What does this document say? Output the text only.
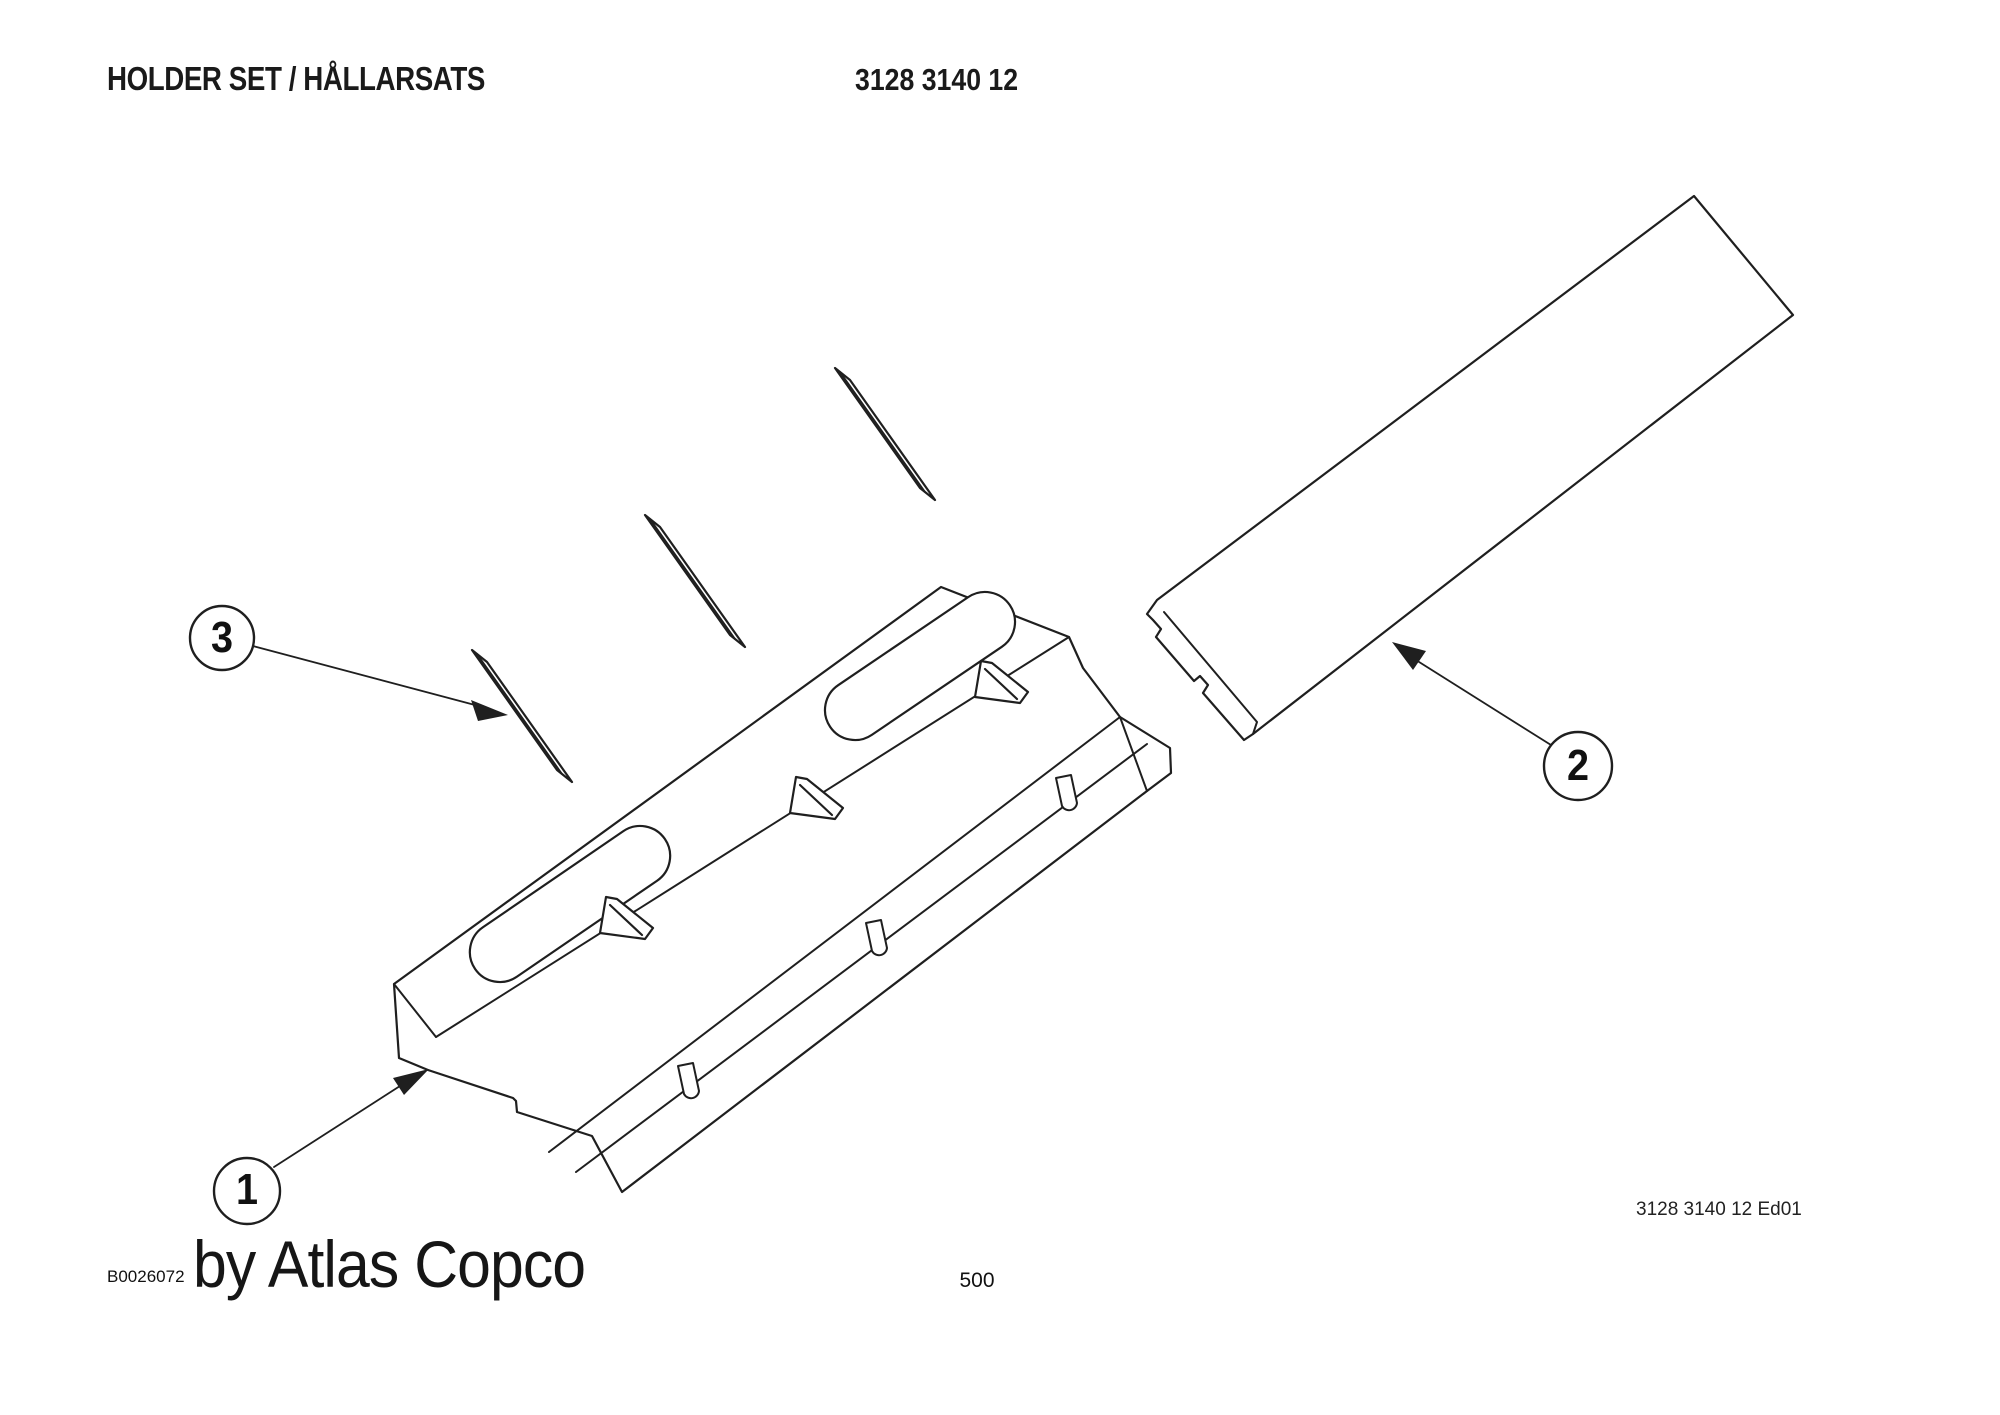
HOLDER SET / HÅLLARSATS	3128 3140 12
1
2
3
3128 3140 12 Ed01
B0026072 by Atlas Copco	500
